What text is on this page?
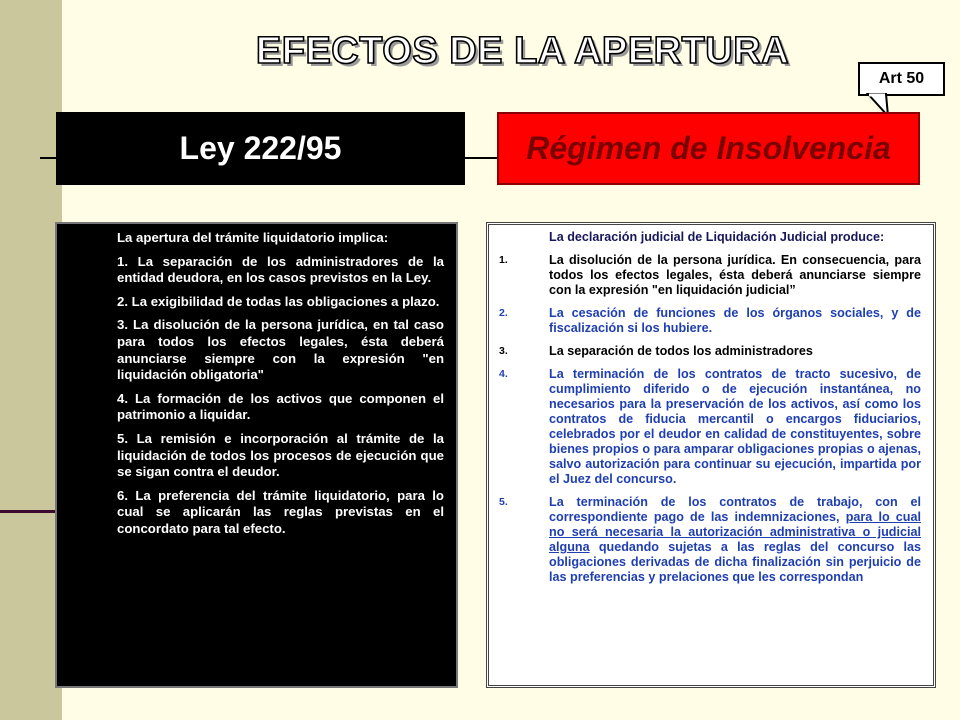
EFECTOS DE LA APERTURA
Art 50
Ley 222/95	Régimen de Insolvencia

La apertura del trámite liquidatorio implica:

1. La separación de los administradores de la entidad deudora, en los casos previstos en la Ley.

2. La exigibilidad de todas las obligaciones a plazo.

3. La disolución de la persona jurídica, en tal caso para todos los efectos legales, ésta deberá anunciarse siempre con la expresión "en liquidación obligatoria"

4. La formación de los activos que componen el patrimonio a liquidar.

5. La remisión e incorporación al trámite de la liquidación de todos los procesos de ejecución que se sigan contra el deudor.

6. La preferencia del trámite liquidatorio, para lo cual se aplicarán las reglas previstas en el concordato para tal efecto.

La declaración judicial de Liquidación Judicial produce:

1.	La disolución de la persona jurídica. En consecuencia, para todos los efectos legales, ésta deberá anunciarse siempre con la expresión "en liquidación judicial”
2.	La cesación de funciones de los órganos sociales, y de fiscalización si los hubiere.
3.	La separación de todos los administradores
4.	La terminación de los contratos de tracto sucesivo, de cumplimiento diferido o de ejecución instantánea, no necesarios para la preservación de los activos, así como los contratos de fiducia mercantil o encargos fiduciarios, celebrados por el deudor en calidad de constituyentes, sobre bienes propios o para amparar obligaciones propias o ajenas, salvo autorización para continuar su ejecución, impartida por el Juez del concurso.
5.	La terminación de los contratos de trabajo, con el correspondiente pago de las indemnizaciones, para lo cual no será necesaria la autorización administrativa o judicial alguna quedando sujetas a las reglas del concurso las obligaciones derivadas de dicha finalización sin perjuicio de las preferencias y prelaciones que les correspondan
